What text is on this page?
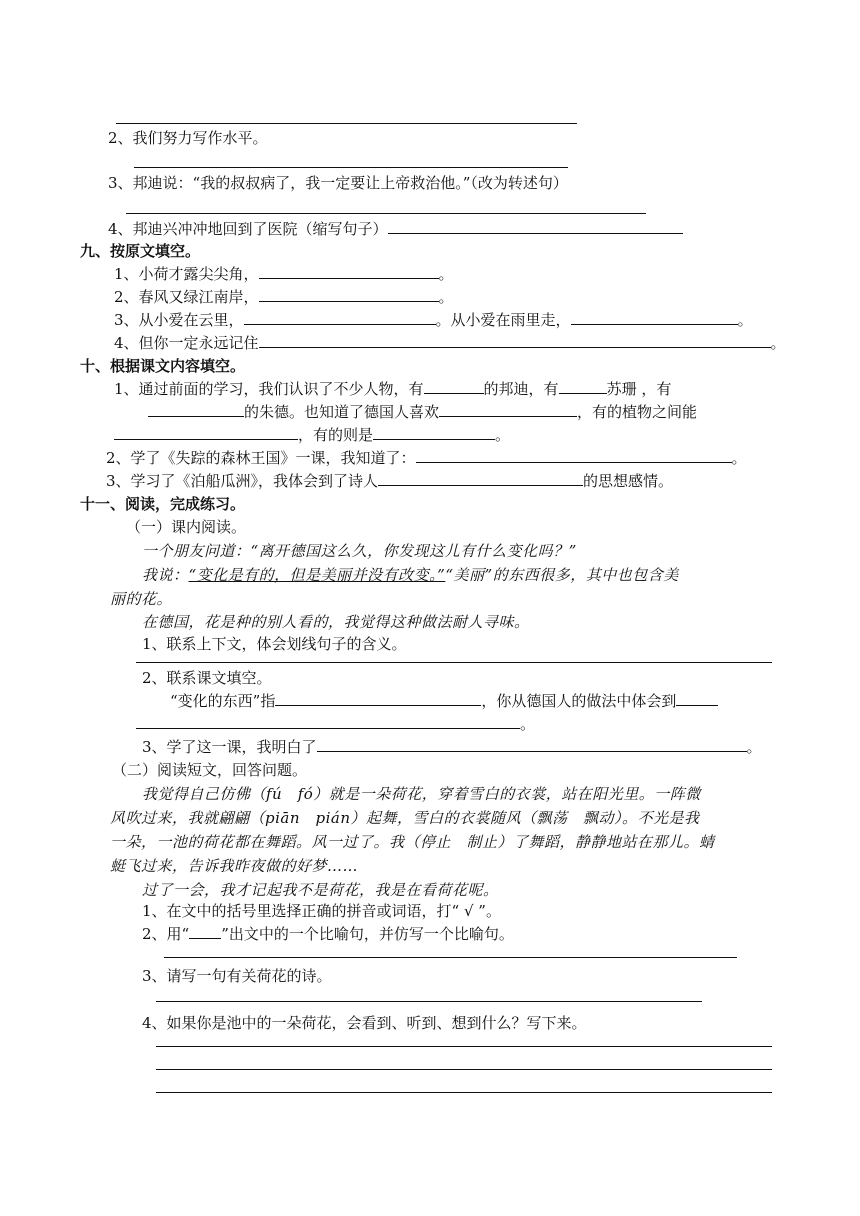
2、我们努力写作水平。
3、邦迪说：“我的叔叔病了，我一定要让上帝救治他。”（改为转述句）
4、邦迪兴冲冲地回到了医院（缩写句子）
九、按原文填空。
1、小荷才露尖尖角，	。
2、春风又绿江南岸，	。
3、从小爱在云里，	。从小爱在雨里走，	。
4、但你一定永远记住	。
十、根据课文内容填空。
1、通过前面的学习，我们认识了不少人物，有	的邦迪，有	苏珊 ，有
的朱德。也知道了德国人喜欢	，有的植物之间能
，有的则是	。
2、学了《失踪的森林王国》一课，我知道了：	。
3、学习了《泊船瓜洲》，我体会到了诗人	的思想感情。
十一、阅读，完成练习。
（一）课内阅读。
一个朋友问道：“离开德国这么久，你发现这儿有什么变化吗？”
我说：“变化是有的，但是美丽并没有改变。”“美丽”的东西很多，其中也包含美
丽的花。
在德国，花是种的别人看的，我觉得这种做法耐人寻味。
1、联系上下文，体会划线句子的含义。
2、联系课文填空。
“变化的东西”指	，你从德国人的做法中体会到
。
3、学了这一课，我明白了	。
（二）阅读短文，回答问题。
我觉得自己仿佛（fú　fó）就是一朵荷花，穿着雪白的衣裳，站在阳光里。一阵微
风吹过来，我就翩翩（piān　pián）起舞，雪白的衣裳随风（飘荡　飘动）。不光是我
一朵，一池的荷花都在舞蹈。风一过了。我（停止　制止）了舞蹈，静静地站在那儿。蜻
蜓飞过来，告诉我昨夜做的好梦……
过了一会，我才记起我不是荷花，我是在看荷花呢。
1、在文中的括号里选择正确的拼音或词语，打“ √ ”。
2、用“ ”出文中的一个比喻句，并仿写一个比喻句。
3、请写一句有关荷花的诗。
4、如果你是池中的一朵荷花，会看到、听到、想到什么？写下来。
